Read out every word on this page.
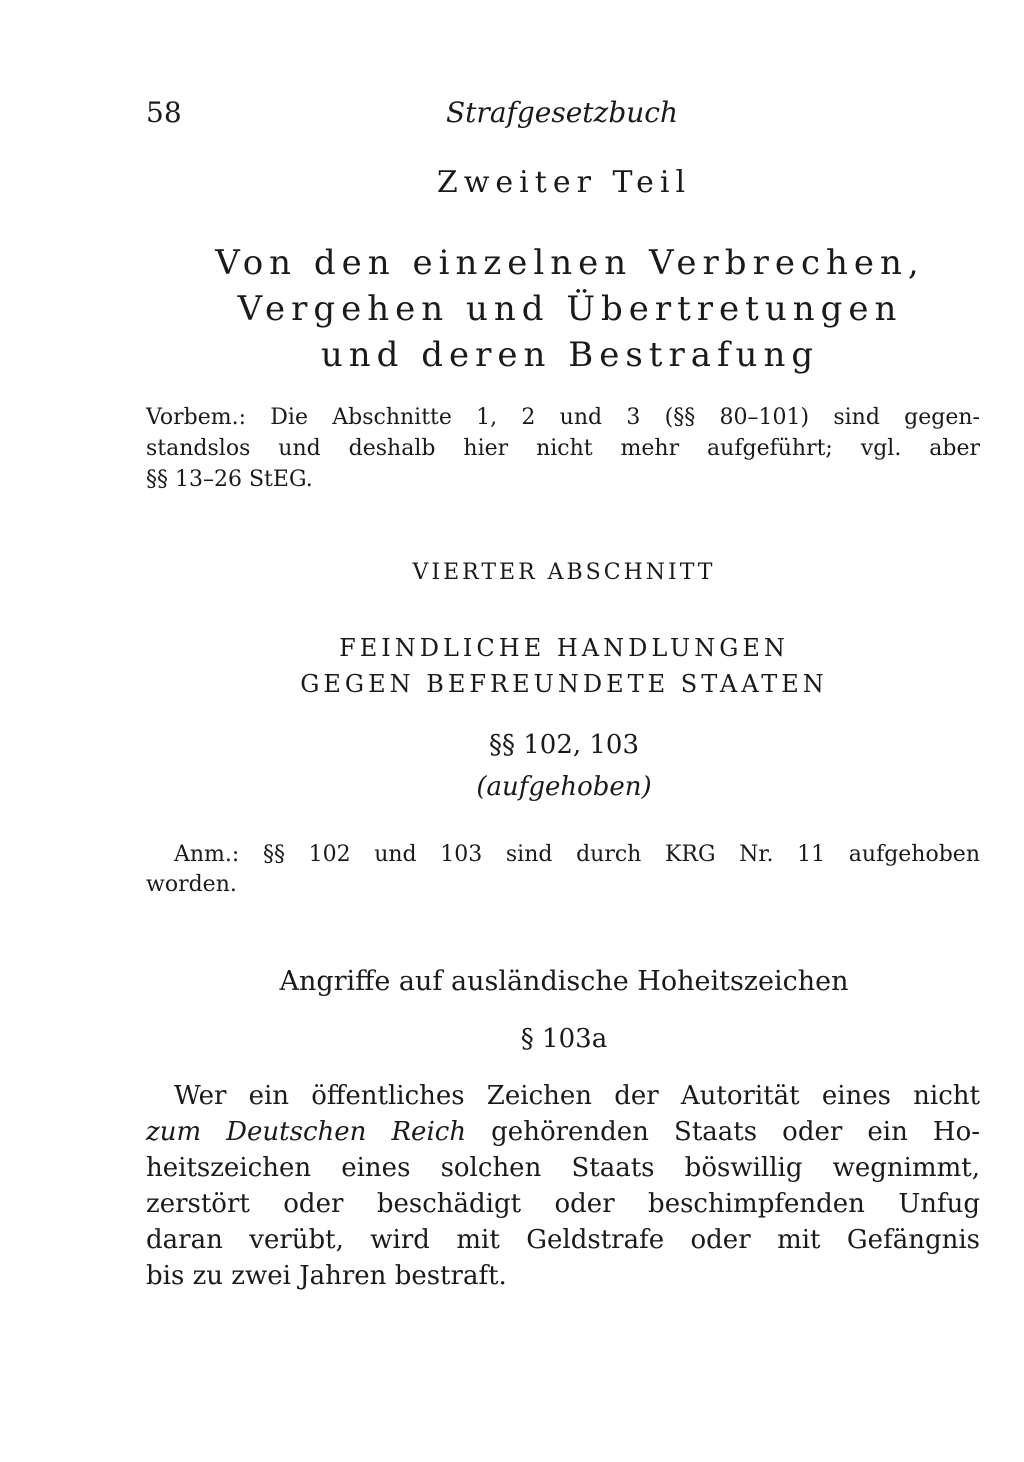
58	Strafgesetzbuch

Zweiter Teil
Von den einzelnen Verbrechen,
Vergehen und Übertretungen
und deren Bestrafung
Vorbem.: Die Abschnitte 1, 2 und 3 (§§ 80–101) sind gegen-
standslos und deshalb hier nicht mehr aufgeführt; vgl. aber
§§ 13–26 StEG.

VIERTER ABSCHNITT

FEINDLICHE HANDLUNGEN
GEGEN BEFREUNDETE STAATEN

§§ 102, 103

(aufgehoben)

Anm.: §§ 102 und 103 sind durch KRG Nr. 11 aufgehoben
worden.
Angriffe auf ausländische Hoheitszeichen

§ 103a

Wer ein öffentliches Zeichen der Autorität eines nicht
zum Deutschen Reich gehörenden Staats oder ein Ho-
heitszeichen eines solchen Staats böswillig wegnimmt,
zerstört oder beschädigt oder beschimpfenden Unfug
daran verübt, wird mit Geldstrafe oder mit Gefängnis
bis zu zwei Jahren bestraft.
